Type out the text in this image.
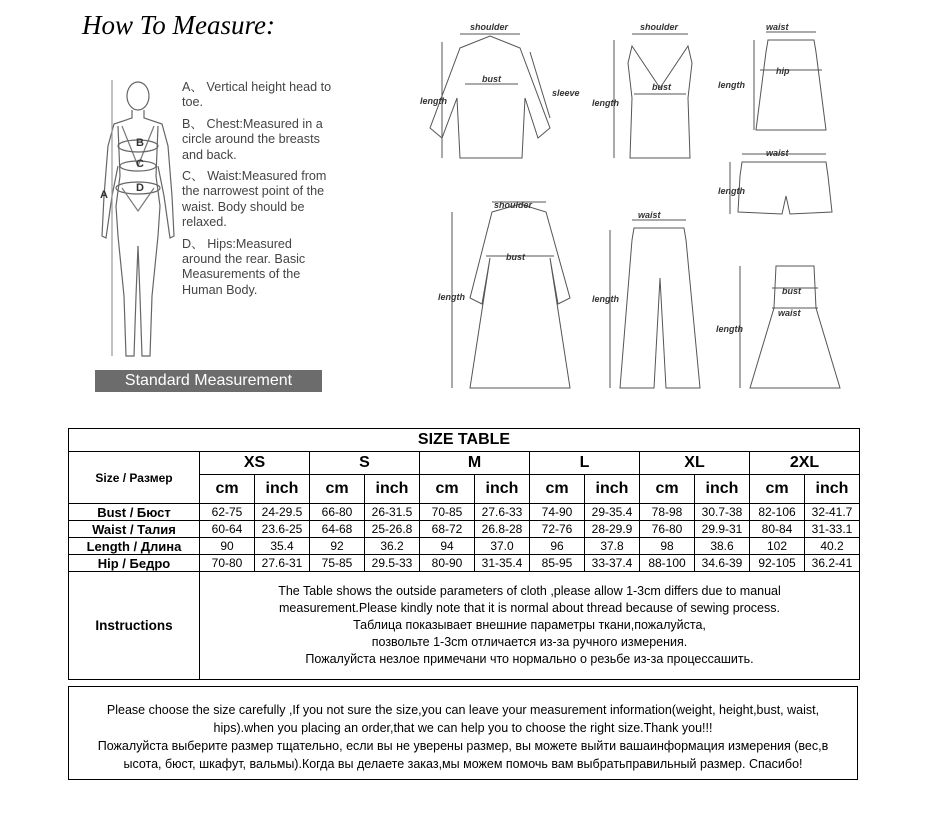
How To Measure:
B
C
D
A

A、 Vertical height head to toe.

B、 Chest:Measured in a circle around the breasts and back.

C、 Waist:Measured from the narrowest point of the waist. Body should be relaxed.

D、 Hips:Measured around the rear. Basic Measurements of the Human Body.

Standard Measurement
shoulder
bust
sleeve
length
shoulder
bust
length
waist
hip
length
waist
length
shoulder
bust
length
waist
length
bust
waist
length
SIZE TABLE												
Size / Размер	XS		S		M		L		XL		2XL	
	cm	inch	cm	inch	cm	inch	cm	inch	cm	inch	cm	inch
Bust / Бюст	62-75	24-29.5	66-80	26-31.5	70-85	27.6-33	74-90	29-35.4	78-98	30.7-38	82-106	32-41.7
Waist / Талия	60-64	23.6-25	64-68	25-26.8	68-72	26.8-28	72-76	28-29.9	76-80	29.9-31	80-84	31-33.1
Length / Длина	90	35.4	92	36.2	94	37.0	96	37.8	98	38.6	102	40.2
Hip / Бедро	70-80	27.6-31	75-85	29.5-33	80-90	31-35.4	85-95	33-37.4	88-100	34.6-39	92-105	36.2-41
Instructions	The Table shows the outside parameters of cloth ,please allow 1-3cm differs due to manual
measurement.Please kindly note that it is normal about thread because of sewing process.
Таблица показывает внешние параметры ткани,пожалуйста,
позвольте 1-3cm отличается из-за ручного измерения.
Пожалуйста незлое примечани что нормально о резьбе из-за процессашить.											

Please choose the size carefully ,If you not sure the size,you can leave your measurement information(weight, height,bust, waist,

hips).when you placing an order,that we can help you to choose the right size.Thank you!!!

Пожалуйста выберите размер тщательно, если вы не уверены размер, вы можете выйти вашаинформация измерения (вес,в

ысота, бюст, шкафут, вальмы).Когда вы делаете заказ,мы можем помочь вам выбратьправильный размер. Спасибо!
